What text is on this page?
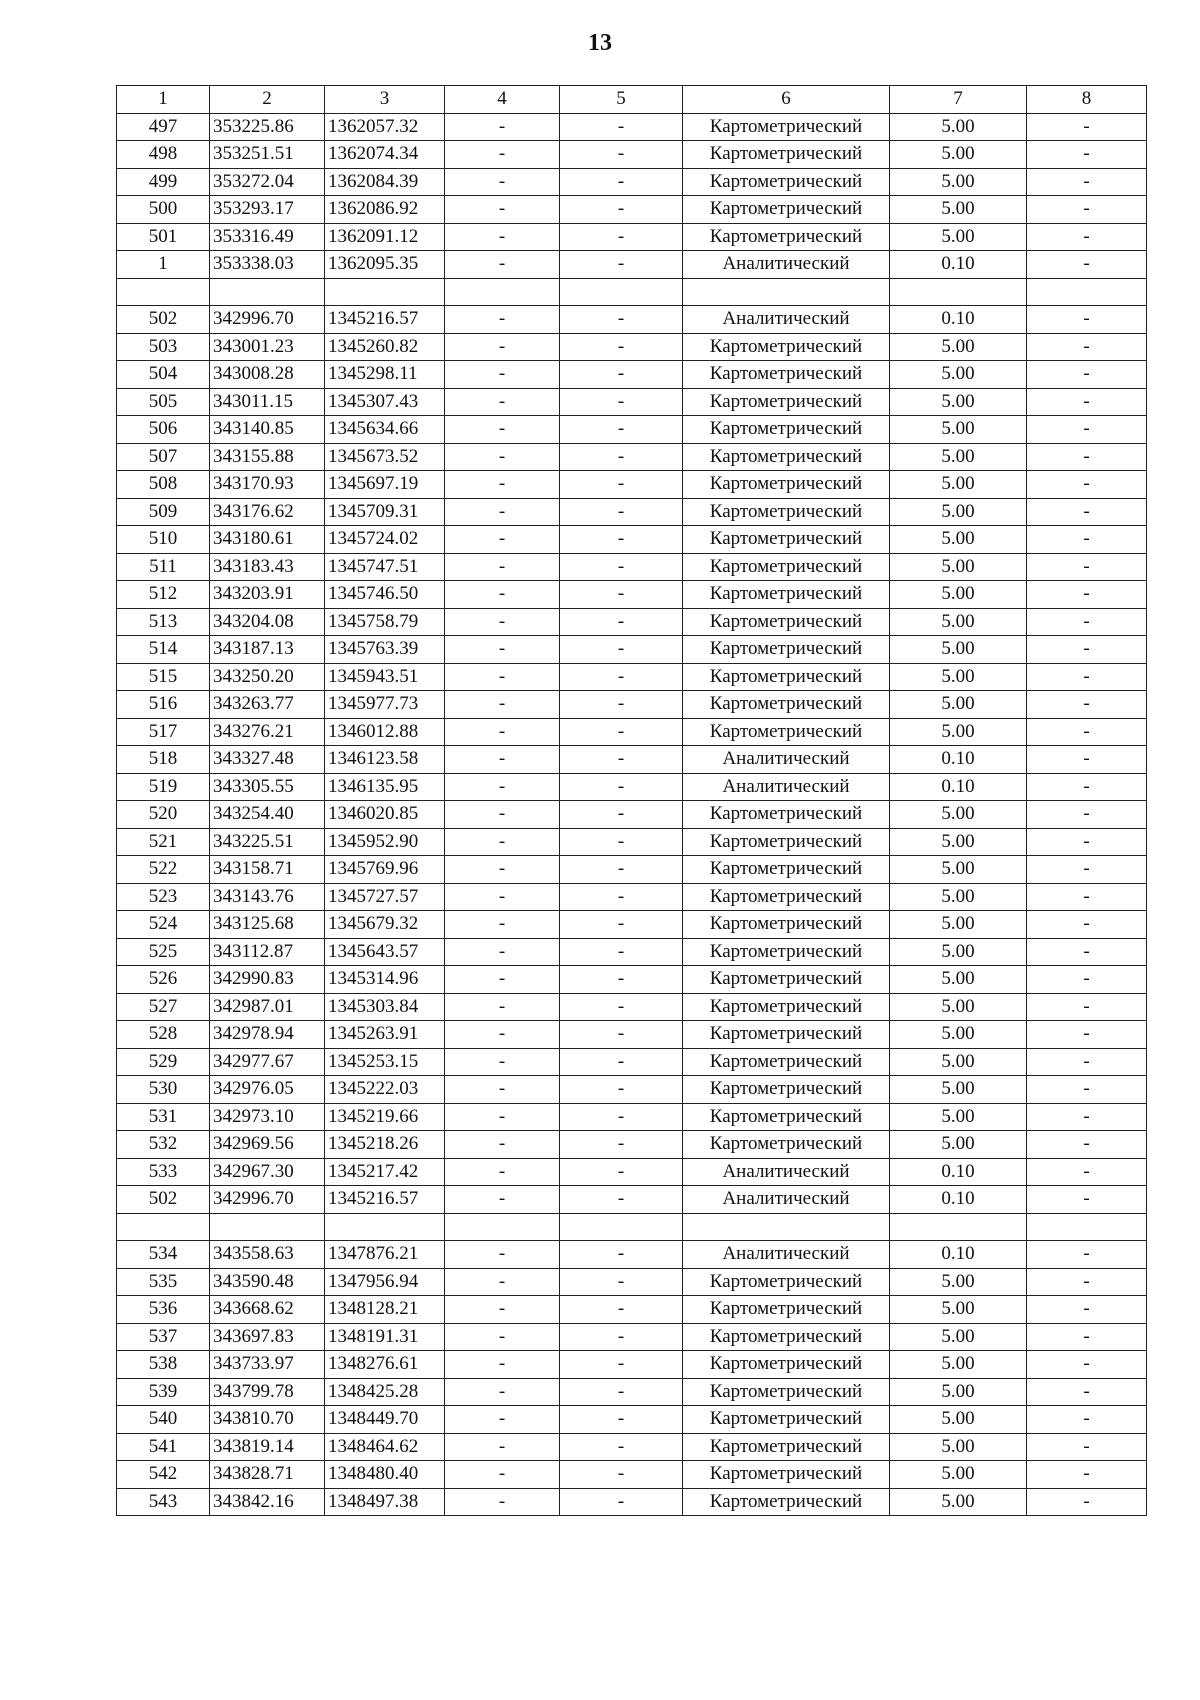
13
1	2	3	4	5	6	7	8
497	353225.86	1362057.32	-	-	Картометрический	5.00	-
498	353251.51	1362074.34	-	-	Картометрический	5.00	-
499	353272.04	1362084.39	-	-	Картометрический	5.00	-
500	353293.17	1362086.92	-	-	Картометрический	5.00	-
501	353316.49	1362091.12	-	-	Картометрический	5.00	-
1	353338.03	1362095.35	-	-	Аналитический	0.10	-

502	342996.70	1345216.57	-	-	Аналитический	0.10	-
503	343001.23	1345260.82	-	-	Картометрический	5.00	-
504	343008.28	1345298.11	-	-	Картометрический	5.00	-
505	343011.15	1345307.43	-	-	Картометрический	5.00	-
506	343140.85	1345634.66	-	-	Картометрический	5.00	-
507	343155.88	1345673.52	-	-	Картометрический	5.00	-
508	343170.93	1345697.19	-	-	Картометрический	5.00	-
509	343176.62	1345709.31	-	-	Картометрический	5.00	-
510	343180.61	1345724.02	-	-	Картометрический	5.00	-
511	343183.43	1345747.51	-	-	Картометрический	5.00	-
512	343203.91	1345746.50	-	-	Картометрический	5.00	-
513	343204.08	1345758.79	-	-	Картометрический	5.00	-
514	343187.13	1345763.39	-	-	Картометрический	5.00	-
515	343250.20	1345943.51	-	-	Картометрический	5.00	-
516	343263.77	1345977.73	-	-	Картометрический	5.00	-
517	343276.21	1346012.88	-	-	Картометрический	5.00	-
518	343327.48	1346123.58	-	-	Аналитический	0.10	-
519	343305.55	1346135.95	-	-	Аналитический	0.10	-
520	343254.40	1346020.85	-	-	Картометрический	5.00	-
521	343225.51	1345952.90	-	-	Картометрический	5.00	-
522	343158.71	1345769.96	-	-	Картометрический	5.00	-
523	343143.76	1345727.57	-	-	Картометрический	5.00	-
524	343125.68	1345679.32	-	-	Картометрический	5.00	-
525	343112.87	1345643.57	-	-	Картометрический	5.00	-
526	342990.83	1345314.96	-	-	Картометрический	5.00	-
527	342987.01	1345303.84	-	-	Картометрический	5.00	-
528	342978.94	1345263.91	-	-	Картометрический	5.00	-
529	342977.67	1345253.15	-	-	Картометрический	5.00	-
530	342976.05	1345222.03	-	-	Картометрический	5.00	-
531	342973.10	1345219.66	-	-	Картометрический	5.00	-
532	342969.56	1345218.26	-	-	Картометрический	5.00	-
533	342967.30	1345217.42	-	-	Аналитический	0.10	-
502	342996.70	1345216.57	-	-	Аналитический	0.10	-

534	343558.63	1347876.21	-	-	Аналитический	0.10	-
535	343590.48	1347956.94	-	-	Картометрический	5.00	-
536	343668.62	1348128.21	-	-	Картометрический	5.00	-
537	343697.83	1348191.31	-	-	Картометрический	5.00	-
538	343733.97	1348276.61	-	-	Картометрический	5.00	-
539	343799.78	1348425.28	-	-	Картометрический	5.00	-
540	343810.70	1348449.70	-	-	Картометрический	5.00	-
541	343819.14	1348464.62	-	-	Картометрический	5.00	-
542	343828.71	1348480.40	-	-	Картометрический	5.00	-
543	343842.16	1348497.38	-	-	Картометрический	5.00	-
